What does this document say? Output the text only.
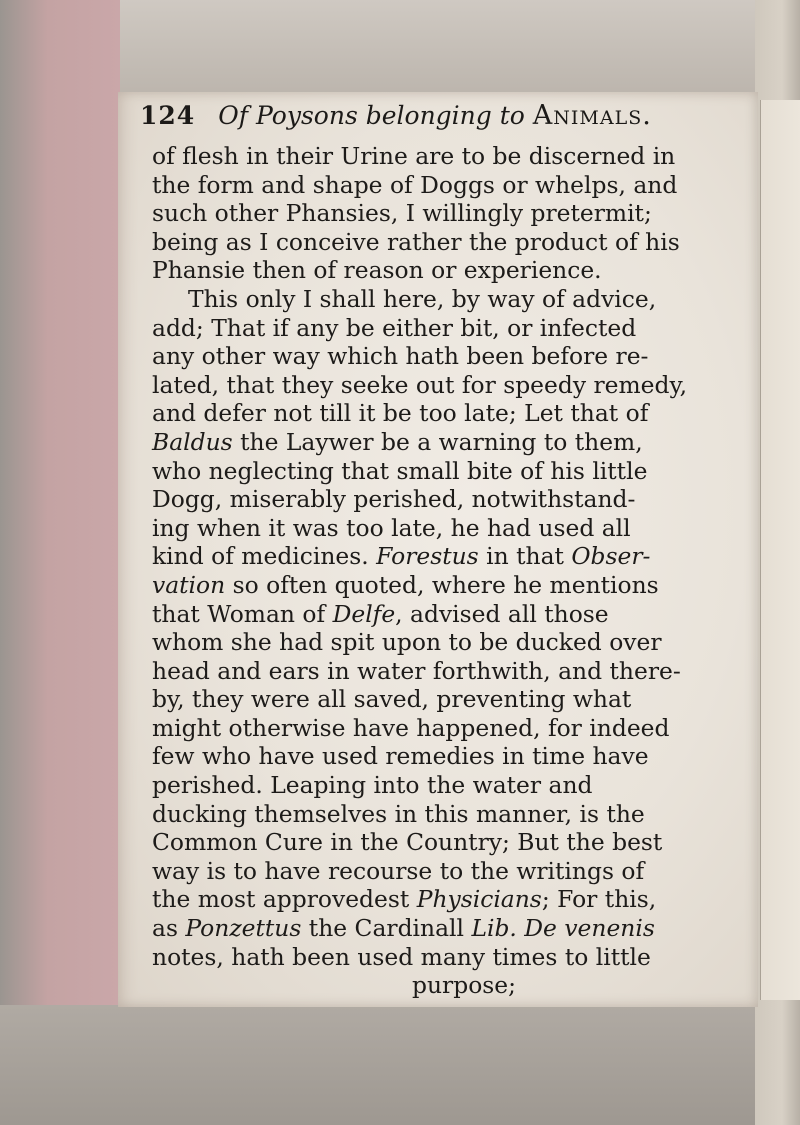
124 Of Poysons belonging to Animals.
of flesh in their Urine are to be discerned in
the form and shape of Doggs or whelps, and
such other Phansies, I willingly pretermit;
being as I conceive rather the product of his
Phansie then of reason or experience.
This only I shall here, by way of advice,
add; That if any be either bit, or infected
any other way which hath been before re-
lated, that they seeke out for speedy remedy,
and defer not till it be too late; Let that of
Baldus the Laywer be a warning to them,
who neglecting that small bite of his little
Dogg, miserably perished, notwithstand-
ing when it was too late, he had used all
kind of medicines. Forestus in that Obser-
vation so often quoted, where he mentions
that Woman of Delfe, advised all those
whom she had spit upon to be ducked over
head and ears in water forthwith, and there-
by, they were all saved, preventing what
might otherwise have happened, for indeed
few who have used remedies in time have
perished. Leaping into the water and
ducking themselves in this manner, is the
Common Cure in the Country; But the best
way is to have recourse to the writings of
the most approvedest Physicians; For this,
as Ponzettus the Cardinall Lib. De venenis
notes, hath been used many times to little
purpose;
